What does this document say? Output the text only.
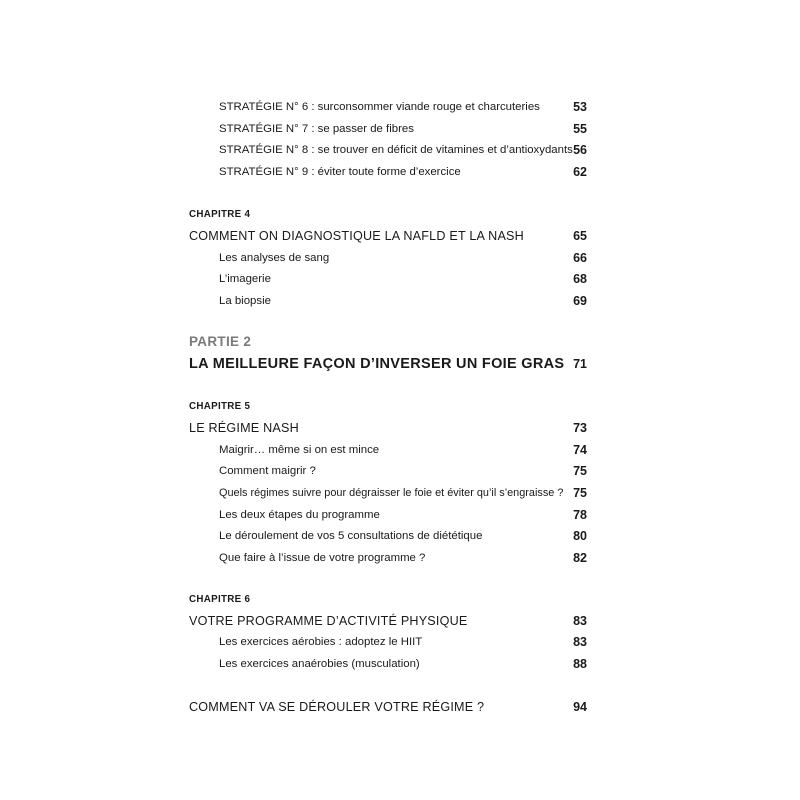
STRATÉGIE N° 6 : surconsommer viande rouge et charcuteries	53
STRATÉGIE N° 7 : se passer de fibres	55
STRATÉGIE N° 8 : se trouver en déficit de vitamines et d’antioxydants 56
STRATÉGIE N° 9 : éviter toute forme d’exercice	62
CHAPITRE 4
COMMENT ON DIAGNOSTIQUE LA NAFLD ET LA NASH	65
Les analyses de sang	66
L’imagerie	68
La biopsie	69
PARTIE 2
LA MEILLEURE FAÇON D’INVERSER UN FOIE GRAS 71
CHAPITRE 5
LE RÉGIME NASH	73
Maigrir… même si on est mince	74
Comment maigrir ?	75
Quels régimes suivre pour dégraisser le foie et éviter qu’il s’engraisse ? 75
Les deux étapes du programme	78
Le déroulement de vos 5 consultations de diététique	80
Que faire à l’issue de votre programme ?	82
CHAPITRE 6
VOTRE PROGRAMME D’ACTIVITÉ PHYSIQUE	83
Les exercices aérobies : adoptez le HIIT	83
Les exercices anaérobies (musculation)	88
COMMENT VA SE DÉROULER VOTRE RÉGIME ?	94
